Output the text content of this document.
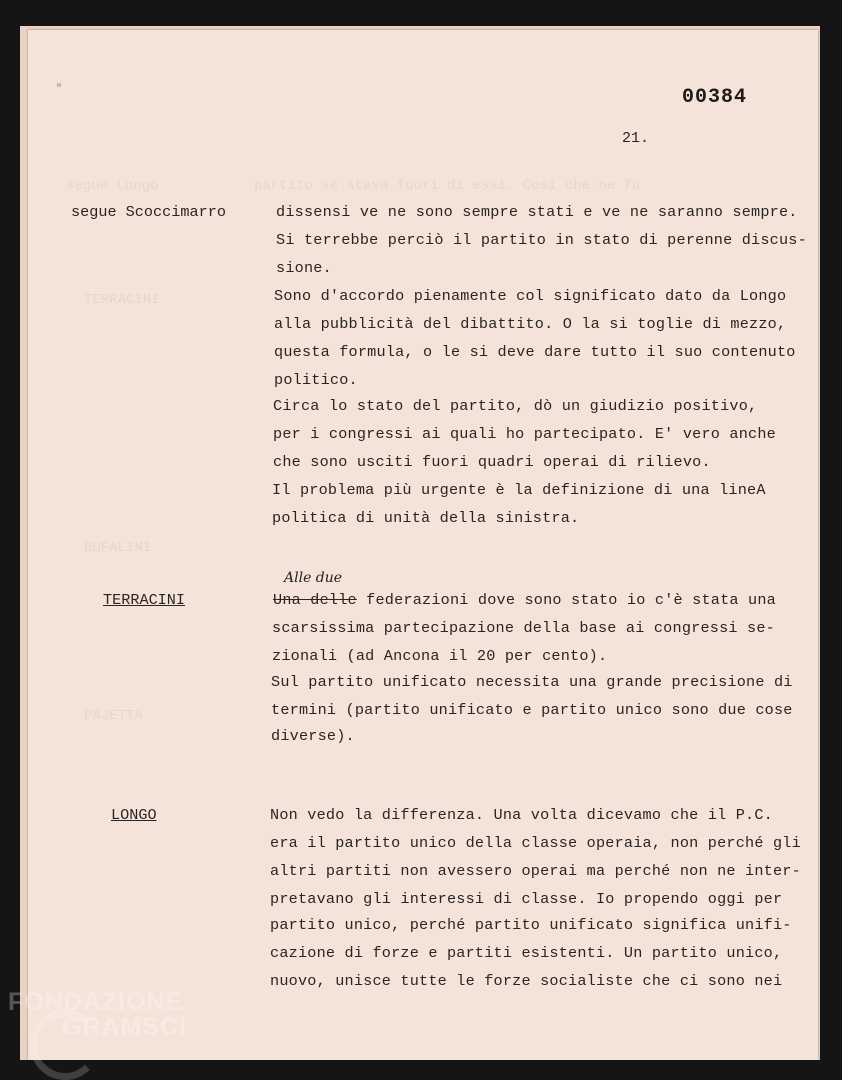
"	00384
21.
segue Scoccimarro	dissensi ve ne sono sempre stati e ve ne saranno sempre.
Si terrebbe perciò il partito in stato di perenne discus-
sione.
Sono d'accordo pienamente col significato dato da Longo
alla pubblicità del dibattito. O la si toglie di mezzo,
questa formula, o le si deve dare tutto il suo contenuto
politico.
Circa lo stato del partito, dò un giudizio positivo,
per i congressi ai quali ho partecipato. E' vero anche
che sono usciti fuori quadri operai di rilievo.
Il problema più urgente è la definizione di una lineA
politica di unità della sinistra.
TERRACINI
Alle due
Una delle federazioni dove sono stato io c'è stata una
scarsissima partecipazione della base ai congressi se-
zionali (ad Ancona il 20 per cento).
Sul partito unificato necessita una grande precisione di
termini (partito unificato e partito unico sono due cose
diverse).
LONGO	Non vedo la differenza. Una volta dicevamo che il P.C.
era il partito unico della classe operaia, non perché gli
altri partiti non avessero operai ma perché non ne inter-
pretavano gli interessi di classe. Io propendo oggi per
partito unico, perché partito unificato significa unifi-
cazione di forze e partiti esistenti. Un partito unico,
nuovo, unisce tutte le forze socialiste che ci sono nei
FONDAZIONE
GRAMSCI
